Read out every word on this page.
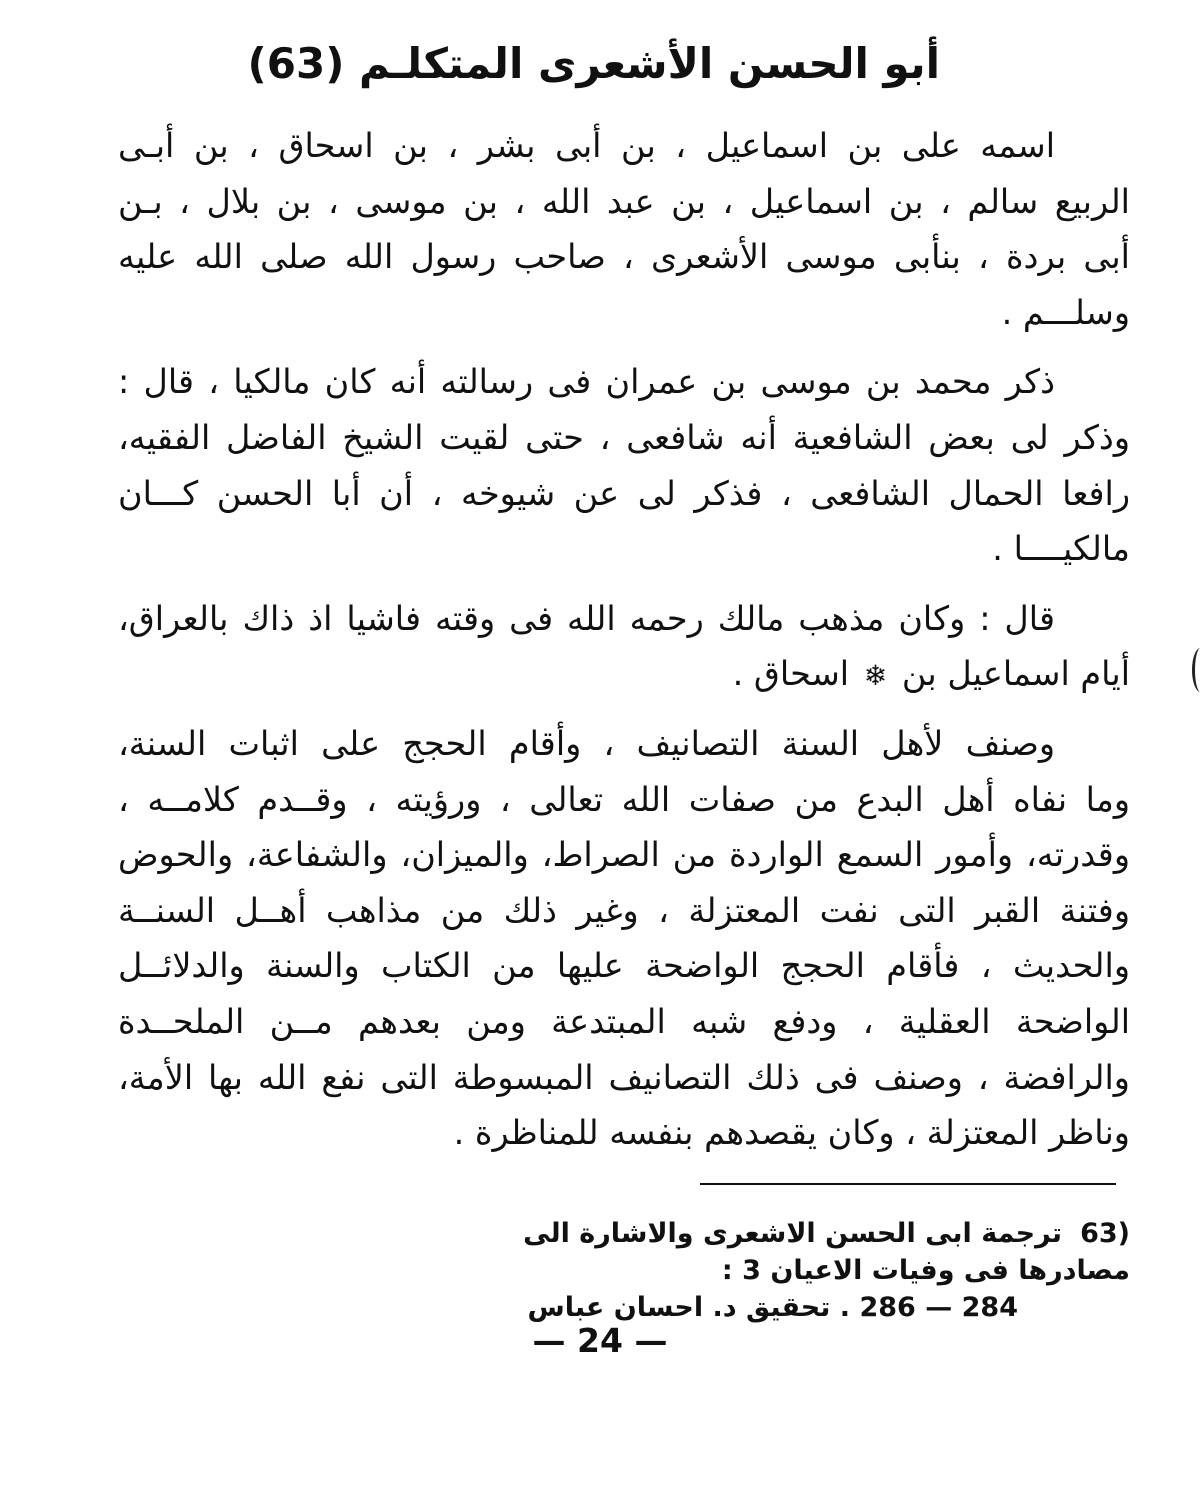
أبو الحسن الأشعرى المتكلـم (63)

اسمه على بن اسماعيل ، بن أبى بشر ، بن اسحاق ، بن أبـى
الربيع سالم ، بن اسماعيل ، بن عبد الله ، بن موسى ، بن بلال ، بـن
أبى بردة ، بنأبى موسى الأشعرى ، صاحب رسول الله صلى الله عليه
وسلـــم .

ذكر محمد بن موسى بن عمران فى رسالته أنه كان مالكيا ، قال :
وذكر لى بعض الشافعية أنه شافعى ، حتى لقيت الشيخ الفاضل الفقيه،
رافعا الحمال الشافعى ، فذكر لى عن شيوخه ، أن أبا الحسن كـــان
مالكيــــا .

قال : وكان مذهب مالك رحمه الله فى وقته فاشيا اذ ذاك بالعراق،
أيام اسماعيل بن ❄ اسحاق .

وصنف لأهل السنة التصانيف ، وأقام الحجج على اثبات السنة،
وما نفاه أهل البدع من صفات الله تعالى ، ورؤيته ، وقــدم كلامــه ،
وقدرته، وأمور السمع الواردة من الصراط، والميزان، والشفاعة، والحوض
وفتنة القبر التى نفت المعتزلة ، وغير ذلك من مذاهب أهــل السنــة
والحديث ، فأقام الحجج الواضحة عليها من الكتاب والسنة والدلائــل
الواضحة العقلية ، ودفع شبه المبتدعة ومن بعدهم مــن الملحــدة
والرافضة ، وصنف فى ذلك التصانيف المبسوطة التى نفع الله بها الأمة،
وناظر المعتزلة ، وكان يقصدهم بنفسه للمناظرة .

(63ترجمة ابى الحسن الاشعرى والاشارة الى مصادرها فى وفيات الاعيان 3 :
284 — 286 . تحقيق د. احسان عباس
— 24 —
